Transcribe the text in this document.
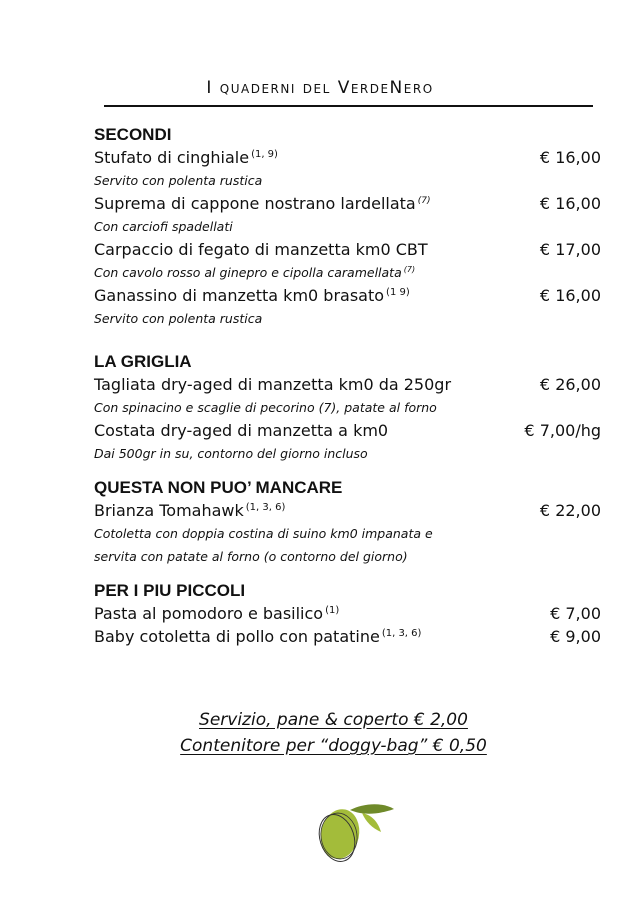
I quaderni del VerdeNero
SECONDI
Stufato di cinghiale $^{(1, 9)}$	€ 16,00
Servito con polenta rustica
Suprema di cappone nostrano lardellata $^{(7)}$	€ 16,00
Con carciofi spadellati
Carpaccio di fegato di manzetta km0 CBT	€ 17,00
Con cavolo rosso al ginepro e cipolla caramellata $^{(7)}$
Ganassino di manzetta km0 brasato $^{(1 9)}$	€ 16,00
Servito con polenta rustica
LA GRIGLIA
Tagliata dry-aged di manzetta km0 da 250gr	€ 26,00
Con spinacino e scaglie di pecorino (7), patate al forno
Costata dry-aged di manzetta a km0	€ 7,00/hg
Dai 500gr in su, contorno del giorno incluso
QUESTA NON PUO’ MANCARE
Brianza Tomahawk $^{(1, 3, 6)}$	€ 22,00
Cotoletta con doppia costina di suino km0 impanata e
servita con patate al forno (o contorno del giorno)
PER I PIU PICCOLI
Pasta al pomodoro e basilico $^{(1)}$	€ 7,00
Baby cotoletta di pollo con patatine $^{(1, 3, 6)}$	€ 9,00
Servizio, pane & coperto € 2,00
Contenitore per “doggy-bag” € 0,50
